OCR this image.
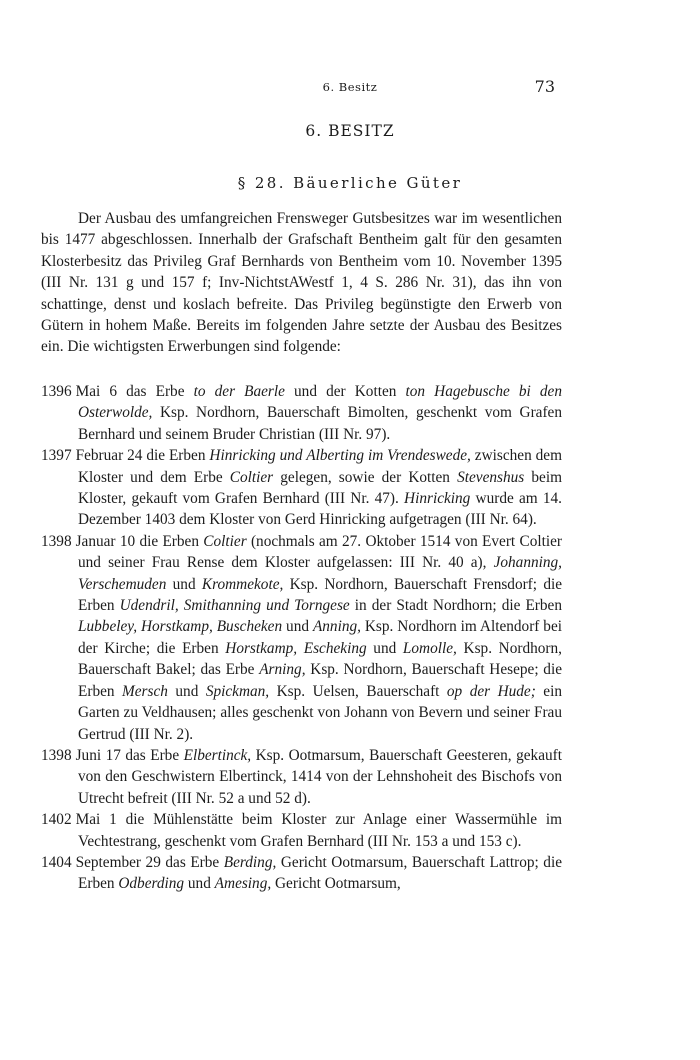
6. Besitz	73
6. BESITZ
§ 28. Bäuerliche Güter

Der Ausbau des umfangreichen Frensweger Gutsbesitzes war im wesentlichen bis 1477 abgeschlossen. Innerhalb der Grafschaft Bentheim galt für den gesamten Klosterbesitz das Privileg Graf Bernhards von Bentheim vom 10. November 1395 (III Nr. 131 g und 157 f; Inv-NichtstAWestf 1, 4 S. 286 Nr. 31), das ihn von schattinge, denst und koslach befreite. Das Privileg begünstigte den Erwerb von Gütern in hohem Maße. Bereits im folgenden Jahre setzte der Ausbau des Besitzes ein. Die wichtigsten Erwerbungen sind folgende:

1396 Mai 6 das Erbe to der Baerle und der Kotten ton Hagebusche bi den Osterwolde, Ksp. Nordhorn, Bauerschaft Bimolten, geschenkt vom Grafen Bernhard und seinem Bruder Christian (III Nr. 97).

1397 Februar 24 die Erben Hinricking und Alberting im Vrendeswede, zwischen dem Kloster und dem Erbe Coltier gelegen, sowie der Kotten Stevenshus beim Kloster, gekauft vom Grafen Bernhard (III Nr. 47). Hinricking wurde am 14. Dezember 1403 dem Kloster von Gerd Hinricking aufgetragen (III Nr. 64).

1398 Januar 10 die Erben Coltier (nochmals am 27. Oktober 1514 von Evert Coltier und seiner Frau Rense dem Kloster aufgelassen: III Nr. 40 a), Johanning, Verschemuden und Krommekote, Ksp. Nordhorn, Bauerschaft Frensdorf; die Erben Udendril, Smithanning und Torngese in der Stadt Nordhorn; die Erben Lubbeley, Horstkamp, Buscheken und Anning, Ksp. Nordhorn im Altendorf bei der Kirche; die Erben Horstkamp, Escheking und Lomolle, Ksp. Nordhorn, Bauerschaft Bakel; das Erbe Arning, Ksp. Nordhorn, Bauerschaft Hesepe; die Erben Mersch und Spickman, Ksp. Uelsen, Bauerschaft op der Hude; ein Garten zu Veldhausen; alles geschenkt von Johann von Bevern und seiner Frau Gertrud (III Nr. 2).

1398 Juni 17 das Erbe Elbertinck, Ksp. Ootmarsum, Bauerschaft Geesteren, gekauft von den Geschwistern Elbertinck, 1414 von der Lehnshoheit des Bischofs von Utrecht befreit (III Nr. 52 a und 52 d).

1402 Mai 1 die Mühlenstätte beim Kloster zur Anlage einer Wassermühle im Vechtestrang, geschenkt vom Grafen Bernhard (III Nr. 153 a und 153 c).

1404 September 29 das Erbe Berding, Gericht Ootmarsum, Bauerschaft Lattrop; die Erben Odberding und Amesing, Gericht Ootmarsum,
